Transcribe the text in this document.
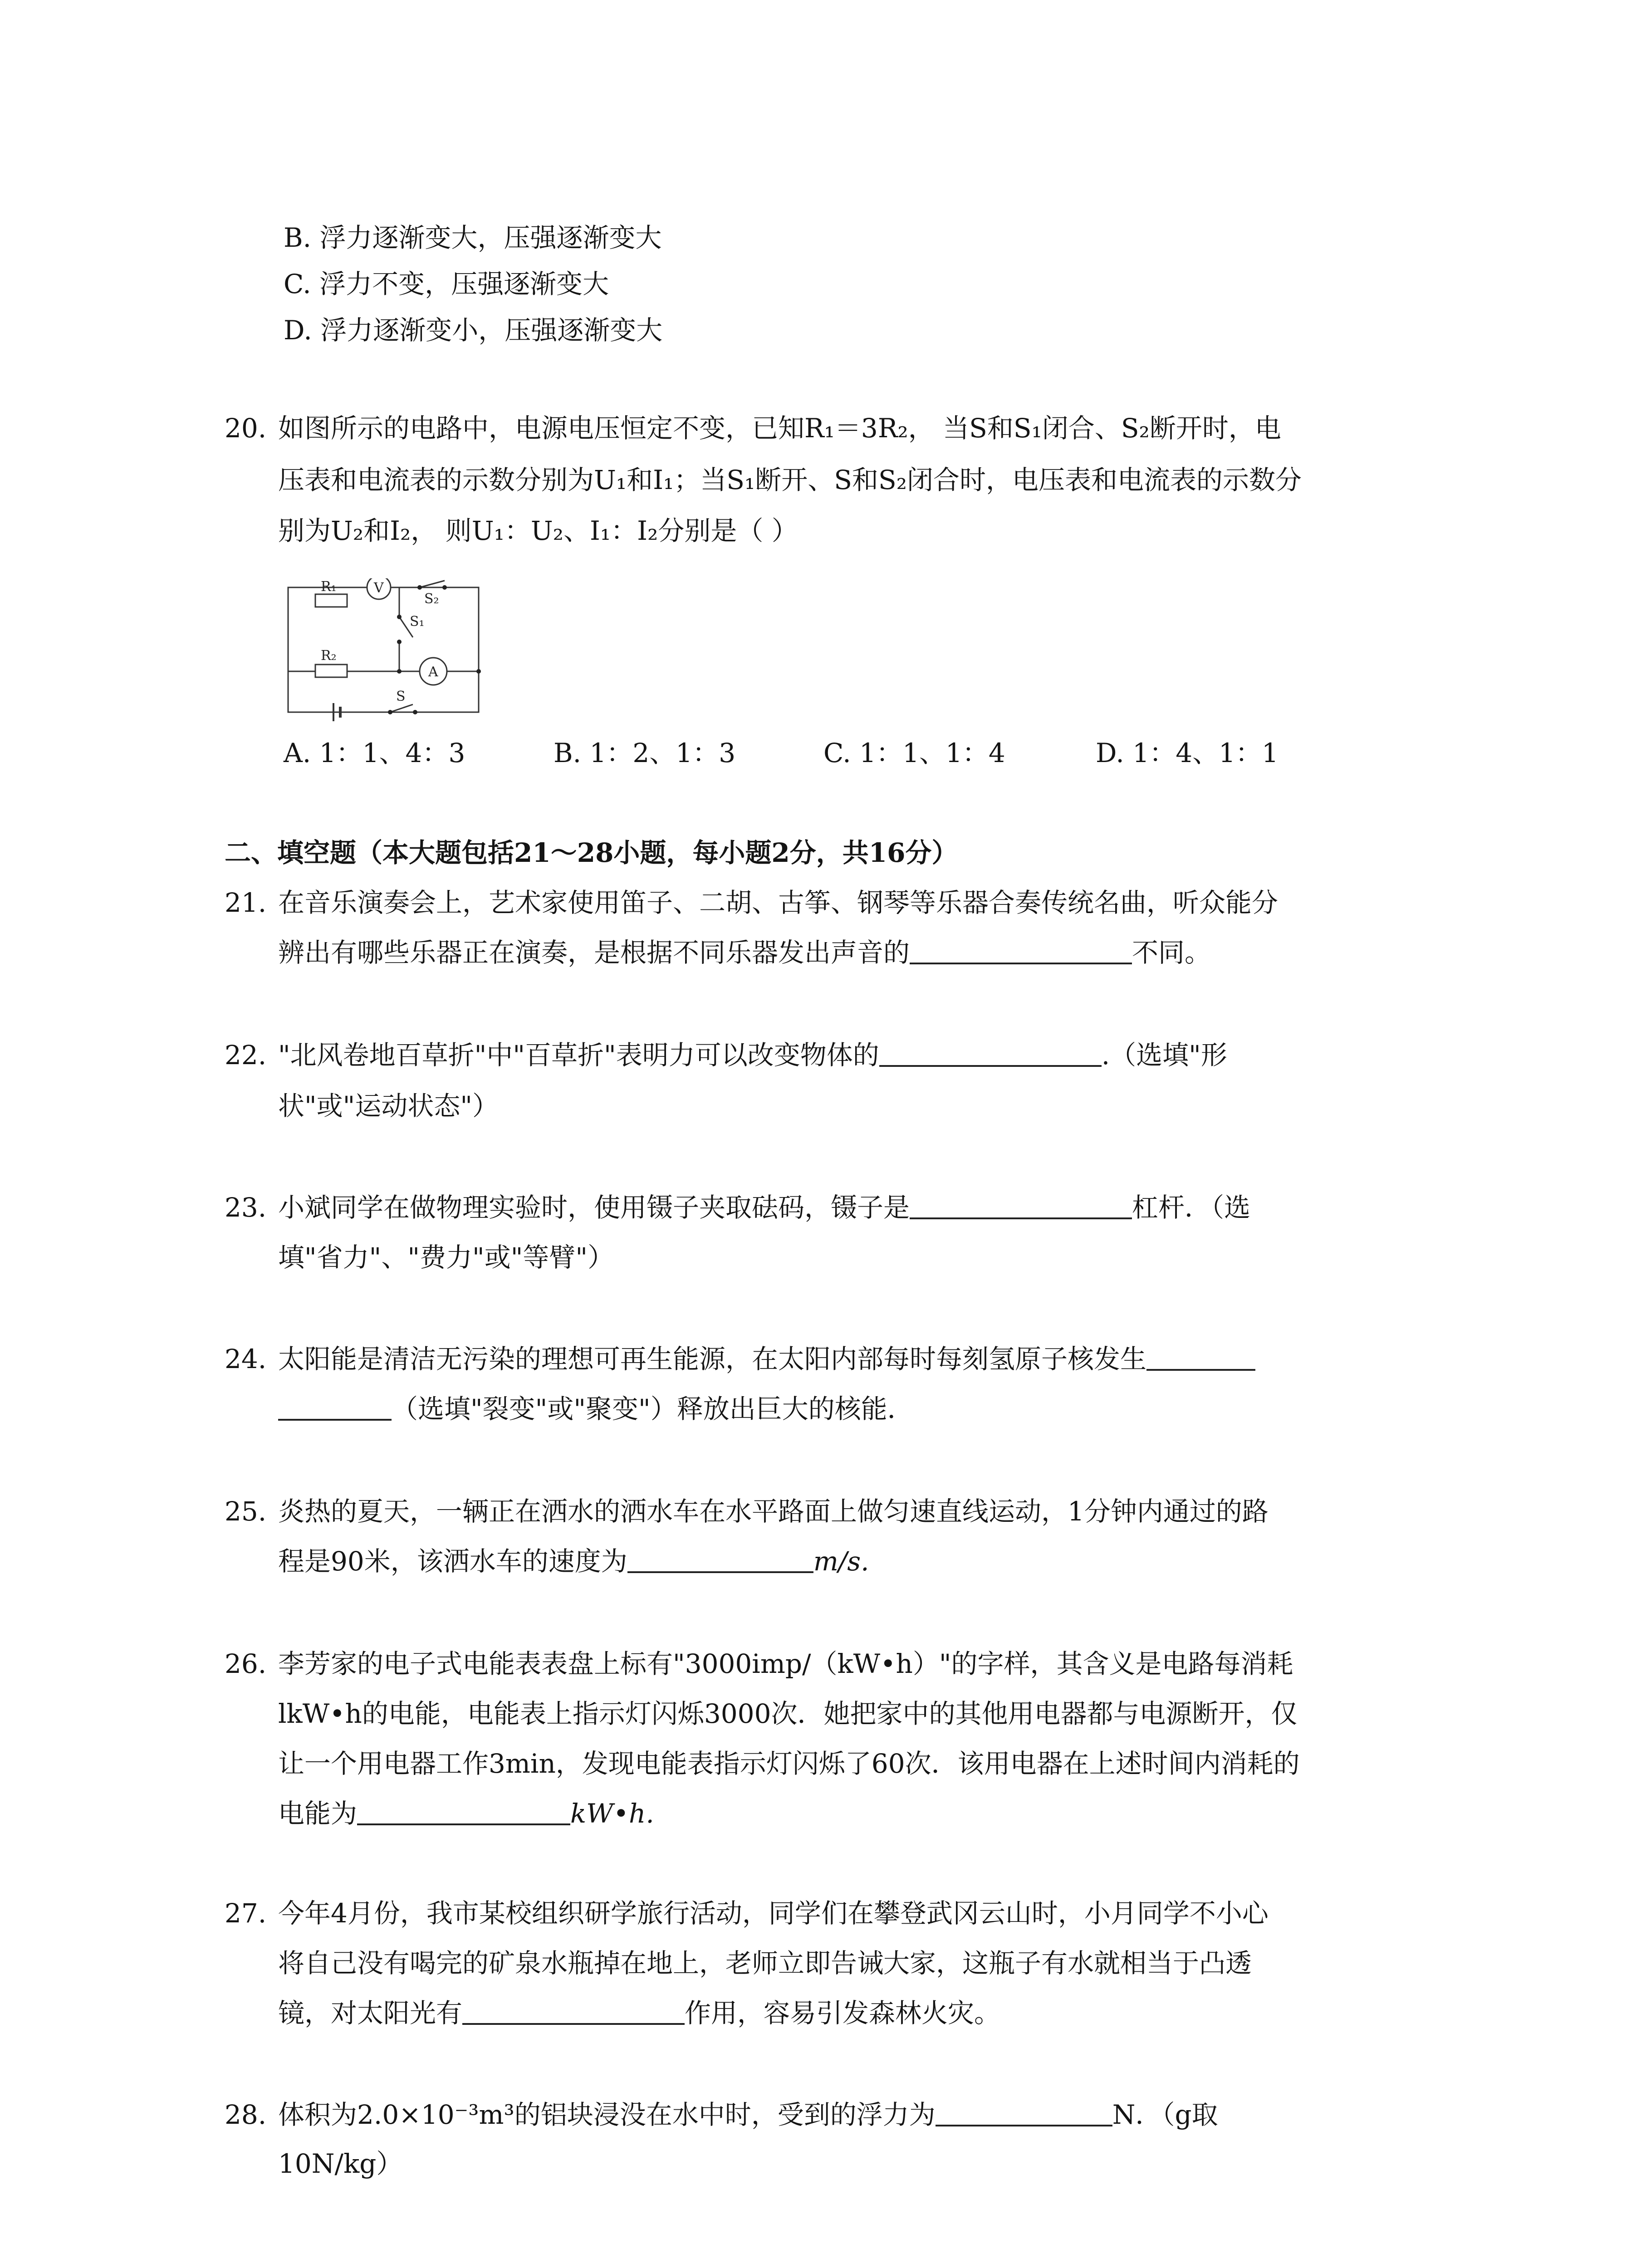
B. 浮力逐渐变大，压强逐渐变大
C. 浮力不变，压强逐渐变大
D. 浮力逐渐变小，压强逐渐变大
20. 如图所示的电路中，电源电压恒定不变，已知R₁＝3R₂， 当S和S₁闭合、S₂断开时，电
压表和电流表的示数分别为U₁和I₁；当S₁断开、S和S₂闭合时，电压表和电流表的示数分
别为U₂和I₂， 则U₁：U₂、I₁：I₂分别是（ ）
R₁
R₂
V
A
S₂
S₁
S
A. 1：1、4：3	B. 1：2、1：3	C. 1：1、1：4	D. 1：4、1：1
二、填空题（本大题包括21～28小题，每小题2分，共16分）
21. 在音乐演奏会上，艺术家使用笛子、二胡、古筝、钢琴等乐器合奏传统名曲，听众能分
辨出有哪些乐器正在演奏，是根据不同乐器发出声音的	不同。
22. "北风卷地百草折"中"百草折"表明力可以改变物体的	.（选填"形
状"或"运动状态"）
23. 小斌同学在做物理实验时，使用镊子夹取砝码，镊子是	杠杆．（选
填"省力"、"费力"或"等臂"）
24. 太阳能是清洁无污染的理想可再生能源，在太阳内部每时每刻氢原子核发生
（选填"裂变"或"聚变"）释放出巨大的核能．
25. 炎热的夏天，一辆正在洒水的洒水车在水平路面上做匀速直线运动，1分钟内通过的路
程是90米，该洒水车的速度为	m/s.
26. 李芳家的电子式电能表表盘上标有"3000imp/（kW•h）"的字样，其含义是电路每消耗
lkW•h的电能，电能表上指示灯闪烁3000次．她把家中的其他用电器都与电源断开，仅
让一个用电器工作3min，发现电能表指示灯闪烁了60次．该用电器在上述时间内消耗的
电能为	kW•h.
27. 今年4月份，我市某校组织研学旅行活动，同学们在攀登武冈云山时，小月同学不小心
将自己没有喝完的矿泉水瓶掉在地上，老师立即告诫大家，这瓶子有水就相当于凸透
镜，对太阳光有	作用，容易引发森林火灾。
28. 体积为2.0×10⁻³m³的铝块浸没在水中时，受到的浮力为	N．（g取
10N/kg）
